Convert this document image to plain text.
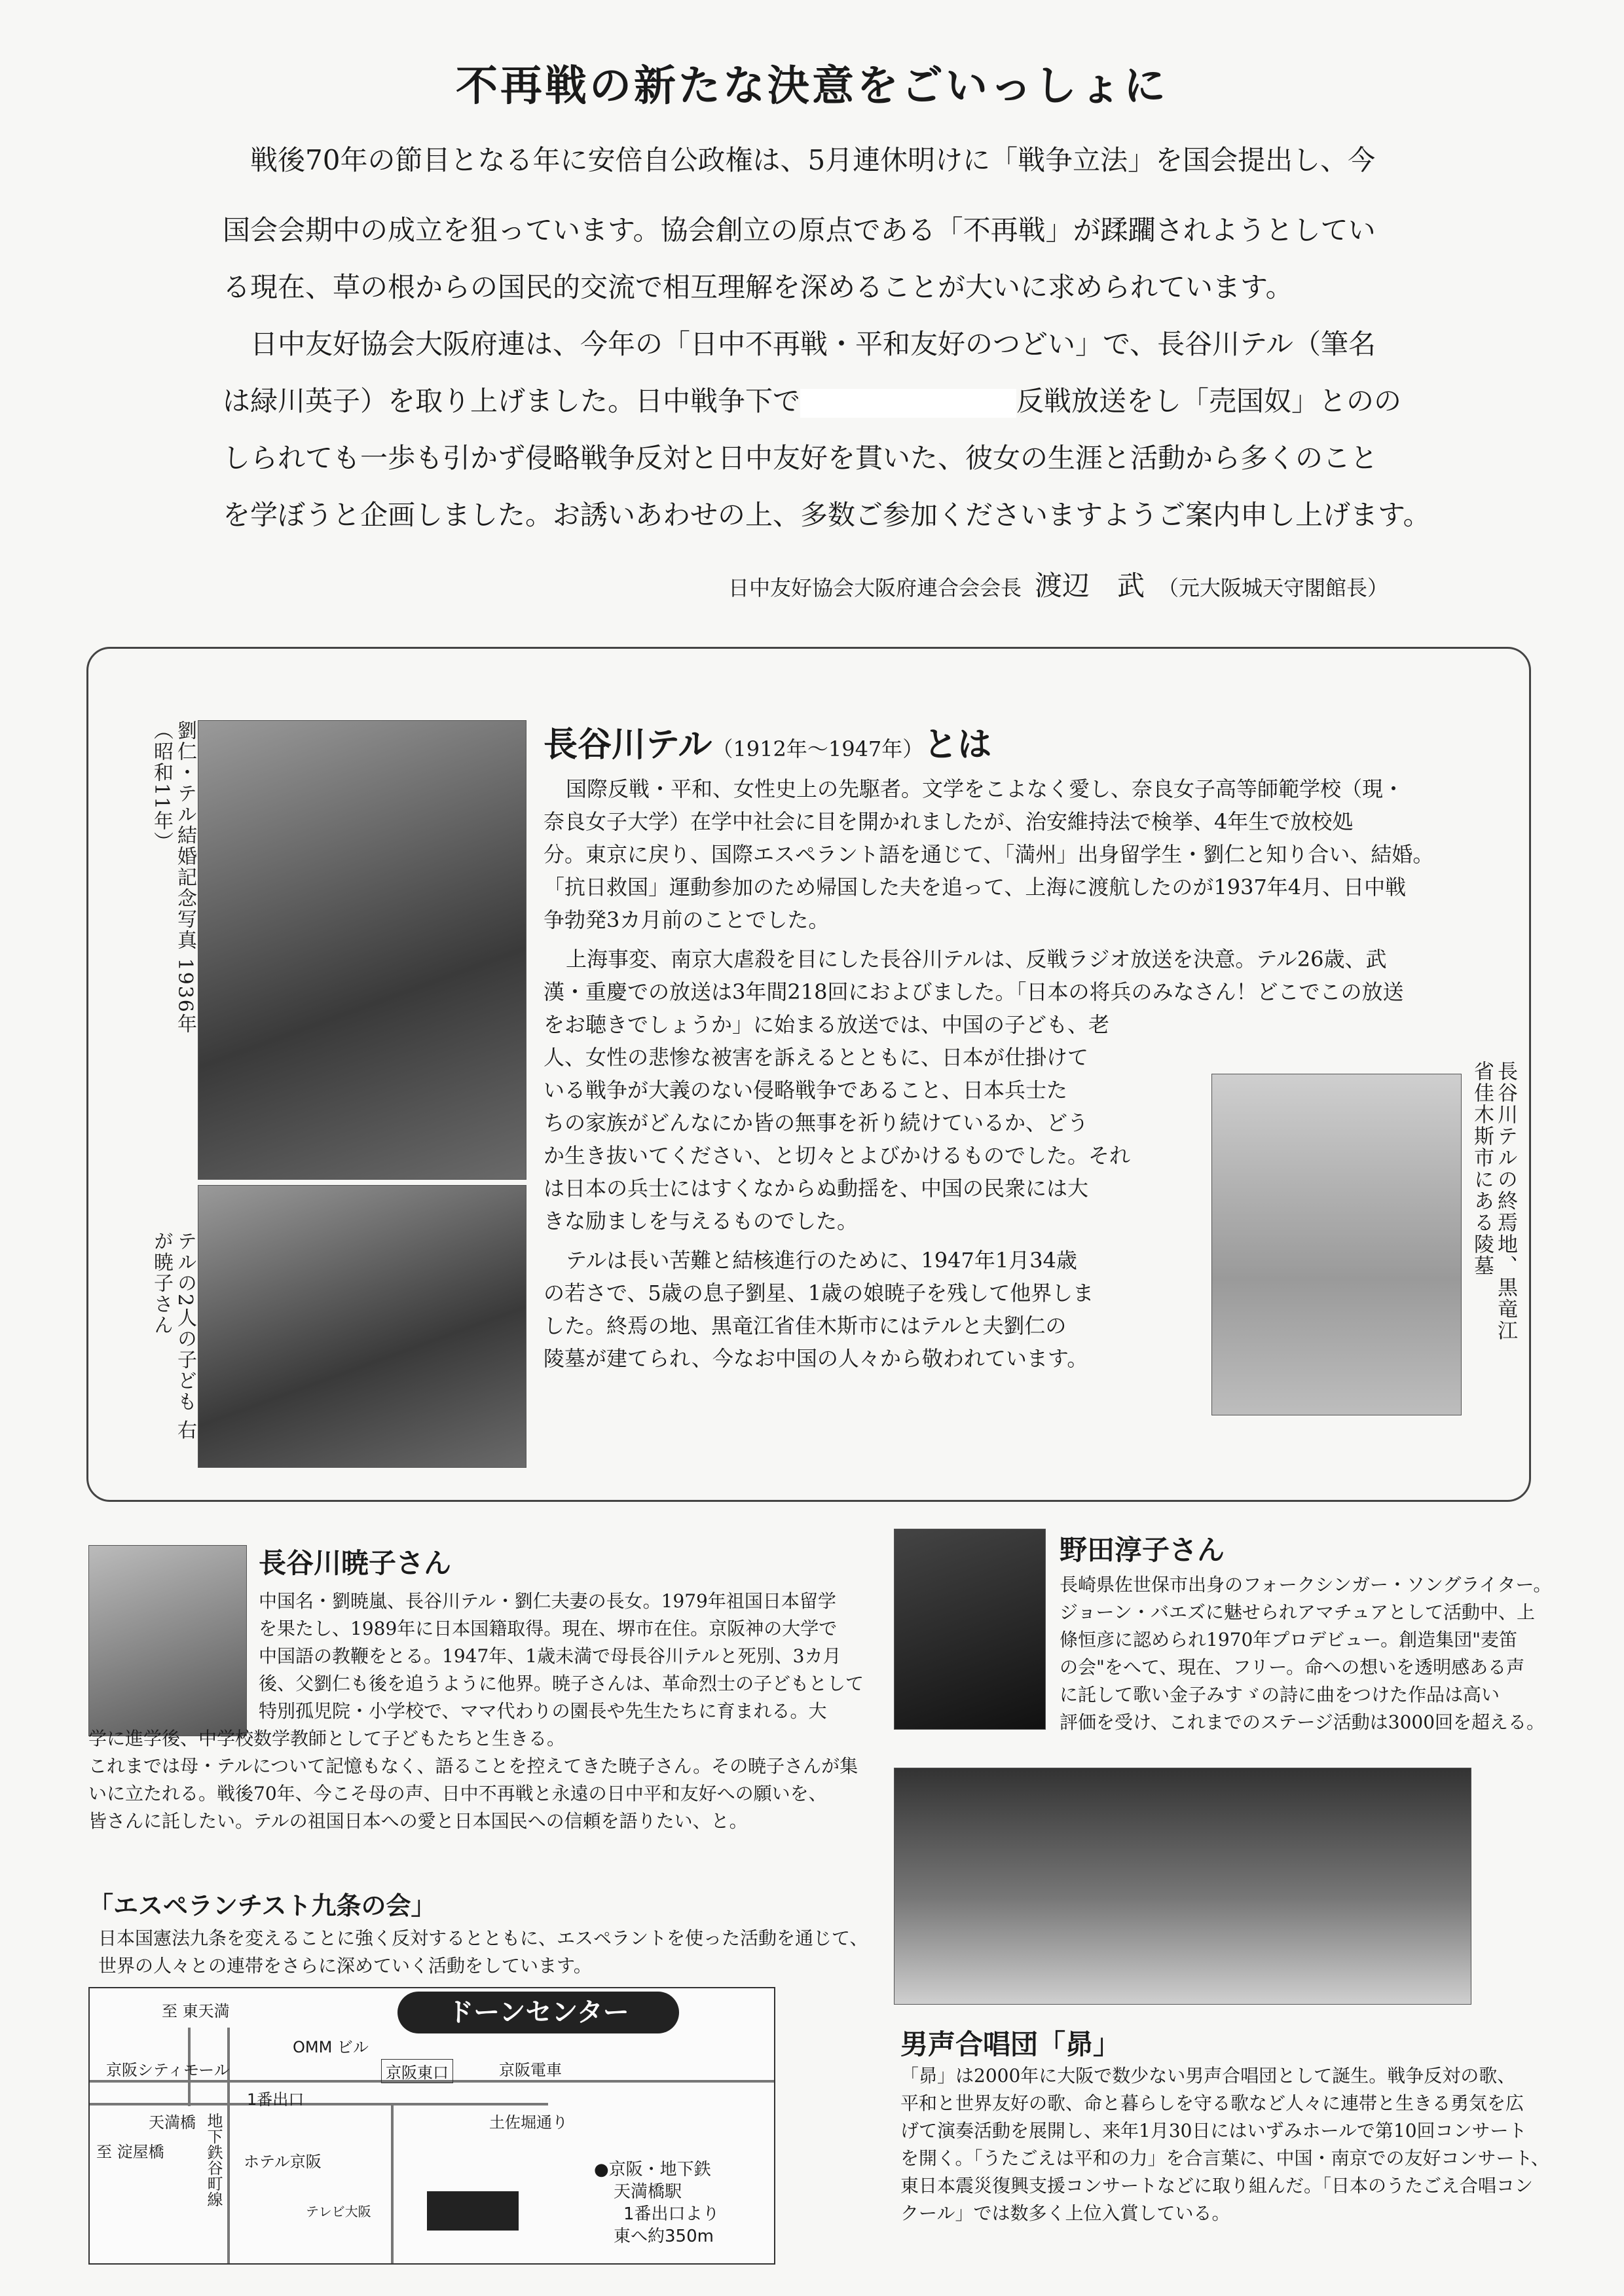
不再戦の新たな決意をごいっしょに
戦後70年の節目となる年に安倍自公政権は、5月連休明けに「戦争立法」を国会提出し、今
国会会期中の成立を狙っています。協会創立の原点である「不再戦」が蹂躙されようとしてい
る現在、草の根からの国民的交流で相互理解を深めることが大いに求められています。
日中友好協会大阪府連は、今年の「日中不再戦・平和友好のつどい」で、長谷川テル（筆名
は緑川英子）を取り上げました。日中戦争下で	反戦放送をし「売国奴」とのの
しられても一歩も引かず侵略戦争反対と日中友好を貫いた、彼女の生涯と活動から多くのこと
を学ぼうと企画しました。お誘いあわせの上、多数ご参加くださいますようご案内申し上げます。
日中友好協会大阪府連合会会長 渡辺　武 （元大阪城天守閣館長）
劉仁・テル結婚記念写真 1936年（昭和11年）
テルの2人の子ども 右が暁子さん
長谷川テル（1912年〜1947年）とは
国際反戦・平和、女性史上の先駆者。文学をこよなく愛し、奈良女子高等師範学校（現・
奈良女子大学）在学中社会に目を開かれましたが、治安維持法で検挙、4年生で放校処
分。東京に戻り、国際エスペラント語を通じて、「満州」出身留学生・劉仁と知り合い、結婚。
「抗日救国」運動参加のため帰国した夫を追って、上海に渡航したのが1937年4月、日中戦
争勃発3カ月前のことでした。
上海事変、南京大虐殺を目にした長谷川テルは、反戦ラジオ放送を決意。テル26歳、武
漢・重慶での放送は3年間218回におよびました。「日本の将兵のみなさん！どこでこの放送
をお聴きでしょうか」に始まる放送では、中国の子ども、老
人、女性の悲惨な被害を訴えるとともに、日本が仕掛けて
いる戦争が大義のない侵略戦争であること、日本兵士た
ちの家族がどんなにか皆の無事を祈り続けているか、どう
か生き抜いてください、と切々とよびかけるものでした。それ
は日本の兵士にはすくなからぬ動揺を、中国の民衆には大
きな励ましを与えるものでした。
テルは長い苦難と結核進行のために、1947年1月34歳
の若さで、5歳の息子劉星、1歳の娘暁子を残して他界しま
した。終焉の地、黒竜江省佳木斯市にはテルと夫劉仁の
陵墓が建てられ、今なお中国の人々から敬われています。
長谷川テルの終焉地、黒竜江省佳木斯市にある陵墓
長谷川暁子さん
中国名・劉暁嵐、長谷川テル・劉仁夫妻の長女。1979年祖国日本留学
を果たし、1989年に日本国籍取得。現在、堺市在住。京阪神の大学で
中国語の教鞭をとる。1947年、1歳未満で母長谷川テルと死別、3カ月
後、父劉仁も後を追うように他界。暁子さんは、革命烈士の子どもとして
特別孤児院・小学校で、ママ代わりの園長や先生たちに育まれる。大
学に進学後、中学校数学教師として子どもたちと生きる。
これまでは母・テルについて記憶もなく、語ることを控えてきた暁子さん。その暁子さんが集
いに立たれる。戦後70年、今こそ母の声、日中不再戦と永遠の日中平和友好への願いを、
皆さんに託したい。テルの祖国日本への愛と日本国民への信頼を語りたい、と。
「エスペランチスト九条の会」
日本国憲法九条を変えることに強く反対するとともに、エスペラントを使った活動を通じて、
世界の人々との連帯をさらに深めていく活動をしています。
至 東天満
京阪シティモール
OMM ビル
京阪東口	京阪電車
1番出口
土佐堀通り
天満橋
至 淀屋橋	地下鉄谷町線 ホテル京阪
テレビ大阪
ドーンセンター
●京阪・地下鉄
天満橋駅
1番出口より
東へ約350m
野田淳子さん
長崎県佐世保市出身のフォークシンガー・ソングライター。
ジョーン・バエズに魅せられアマチュアとして活動中、上
條恒彦に認められ1970年プロデビュー。創造集団"麦笛
の会"をへて、現在、フリー。命への想いを透明感ある声
に託して歌い金子みすゞの詩に曲をつけた作品は高い
評価を受け、これまでのステージ活動は3000回を超える。
男声合唱団「昴」
「昴」は2000年に大阪で数少ない男声合唱団として誕生。戦争反対の歌、
平和と世界友好の歌、命と暮らしを守る歌など人々に連帯と生きる勇気を広
げて演奏活動を展開し、来年1月30日にはいずみホールで第10回コンサート
を開く。「うたごえは平和の力」を合言葉に、中国・南京での友好コンサート、
東日本震災復興支援コンサートなどに取り組んだ。「日本のうたごえ合唱コン
クール」では数多く上位入賞している。
